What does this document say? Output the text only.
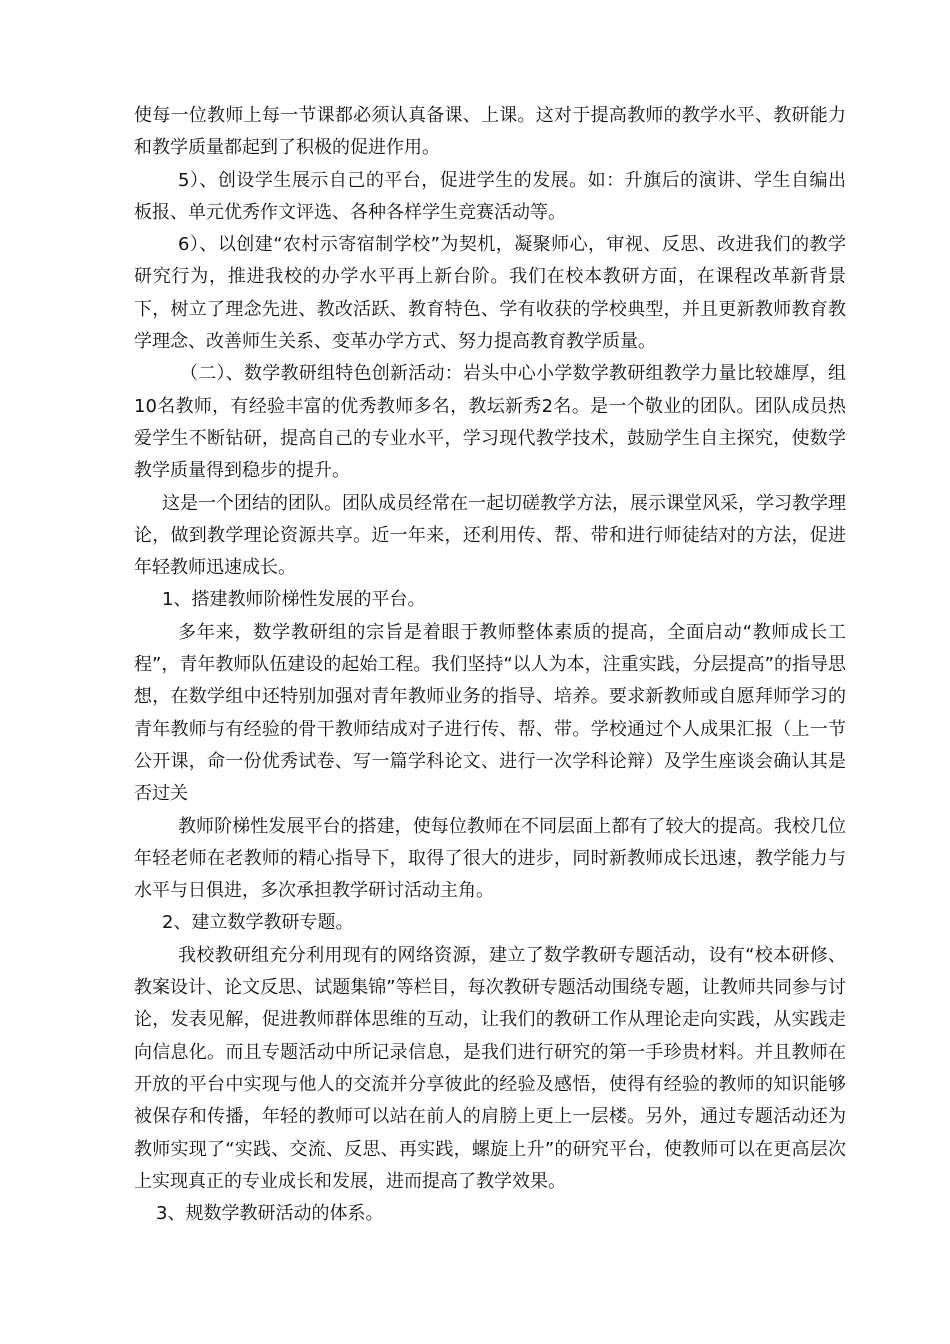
使每一位教师上每一节课都必须认真备课、上课。这对于提高教师的教学水平、教研能力和教学质量都起到了积极的促进作用。

5）、创设学生展示自己的平台，促进学生的发展。如：升旗后的演讲、学生自编出板报、单元优秀作文评选、各种各样学生竞赛活动等。

6）、以创建“农村示寄宿制学校”为契机，凝聚师心，审视、反思、改进我们的教学研究行为，推进我校的办学水平再上新台阶。我们在校本教研方面，在课程改革新背景下，树立了理念先进、教改活跃、教育特色、学有收获的学校典型，并且更新教师教育教学理念、改善师生关系、变革办学方式、努力提高教育教学质量。

（二）、数学教研组特色创新活动：岩头中心小学数学教研组教学力量比较雄厚，组10名教师，有经验丰富的优秀教师多名，教坛新秀2名。是一个敬业的团队。团队成员热爱学生不断钻研，提高自己的专业水平，学习现代教学技术，鼓励学生自主探究，使数学教学质量得到稳步的提升。

这是一个团结的团队。团队成员经常在一起切磋教学方法，展示课堂风采，学习教学理论，做到教学理论资源共享。近一年来，还利用传、帮、带和进行师徒结对的方法，促进年轻教师迅速成长。

1、搭建教师阶梯性发展的平台。

多年来，数学教研组的宗旨是着眼于教师整体素质的提高，全面启动“教师成长工程”，青年教师队伍建设的起始工程。我们坚持“以人为本，注重实践，分层提高”的指导思想，在数学组中还特别加强对青年教师业务的指导、培养。要求新教师或自愿拜师学习的青年教师与有经验的骨干教师结成对子进行传、帮、带。学校通过个人成果汇报（上一节公开课，命一份优秀试卷、写一篇学科论文、进行一次学科论辩）及学生座谈会确认其是否过关

教师阶梯性发展平台的搭建，使每位教师在不同层面上都有了较大的提高。我校几位年轻老师在老教师的精心指导下，取得了很大的进步，同时新教师成长迅速，教学能力与水平与日俱进，多次承担教学研讨活动主角。

2、建立数学教研专题。

我校教研组充分利用现有的网络资源，建立了数学教研专题活动，设有“校本研修、教案设计、论文反思、试题集锦”等栏目，每次教研专题活动围绕专题，让教师共同参与讨论，发表见解，促进教师群体思维的互动，让我们的教研工作从理论走向实践，从实践走向信息化。而且专题活动中所记录信息，是我们进行研究的第一手珍贵材料。并且教师在开放的平台中实现与他人的交流并分享彼此的经验及感悟，使得有经验的教师的知识能够被保存和传播，年轻的教师可以站在前人的肩膀上更上一层楼。另外，通过专题活动还为教师实现了“实践、交流、反思、再实践，螺旋上升”的研究平台，使教师可以在更高层次上实现真正的专业成长和发展，进而提高了教学效果。

3、规数学教研活动的体系。
